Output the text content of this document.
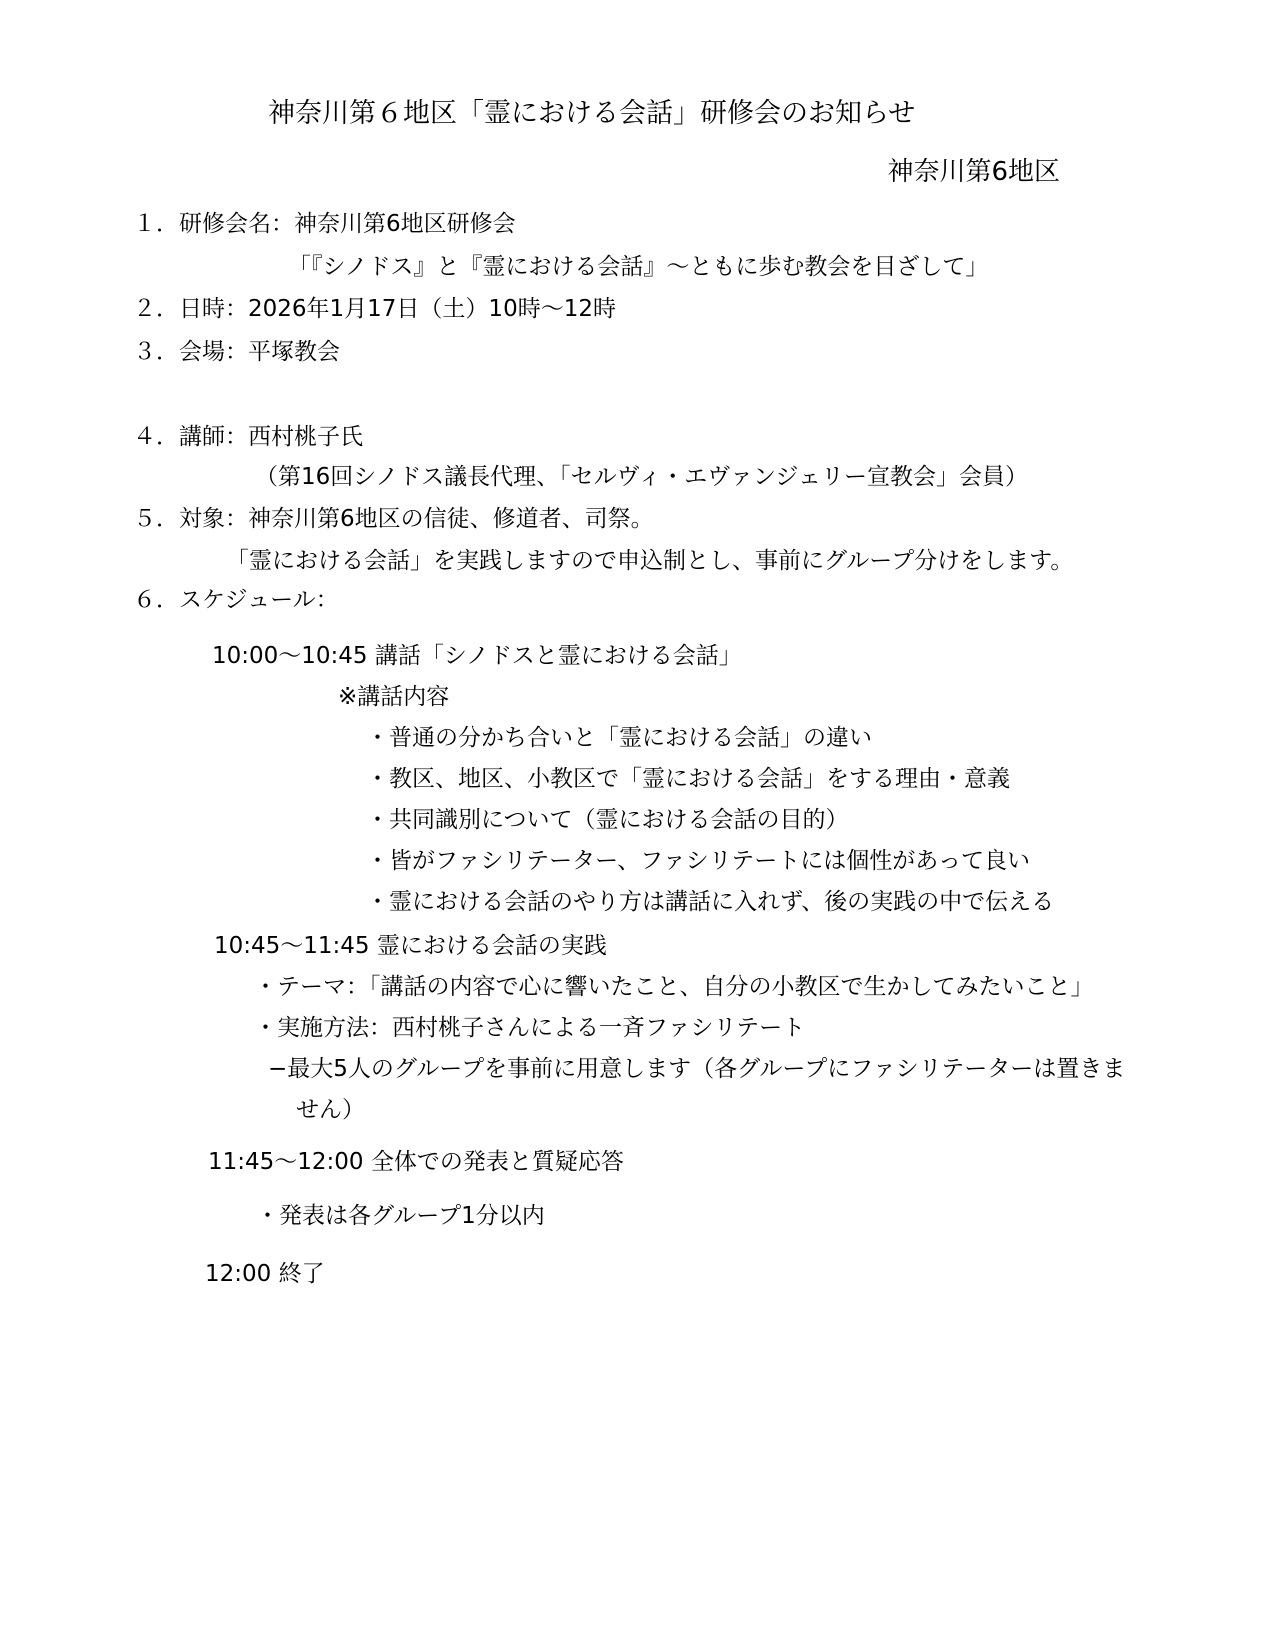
神奈川第６地区「霊における会話」研修会のお知らせ
神奈川第6地区
１．研修会名：神奈川第6地区研修会
「『シノドス』と『霊における会話』～ともに歩む教会を目ざして」
２．日時：2026年1月17日（土）10時～12時
３．会場：平塚教会
４．講師：西村桃子氏
（第16回シノドス議長代理、「セルヴィ・エヴァンジェリー宣教会」会員）
５．対象：神奈川第6地区の信徒、修道者、司祭。
「霊における会話」を実践しますので申込制とし、事前にグループ分けをします。
６．スケジュール：
10:00～10:45 講話「シノドスと霊における会話」
※講話内容
・普通の分かち合いと「霊における会話」の違い
・教区、地区、小教区で「霊における会話」をする理由・意義
・共同識別について（霊における会話の目的）
・皆がファシリテーター、ファシリテートには個性があって良い
・霊における会話のやり方は講話に入れず、後の実践の中で伝える
10:45～11:45 霊における会話の実践
・テーマ：「講話の内容で心に響いたこと、自分の小教区で生かしてみたいこと」
・実施方法：西村桃子さんによる一斉ファシリテート
−最大5人のグループを事前に用意します（各グループにファシリテーターは置きま
せん）
11:45～12:00 全体での発表と質疑応答
・発表は各グループ1分以内
12:00 終了
